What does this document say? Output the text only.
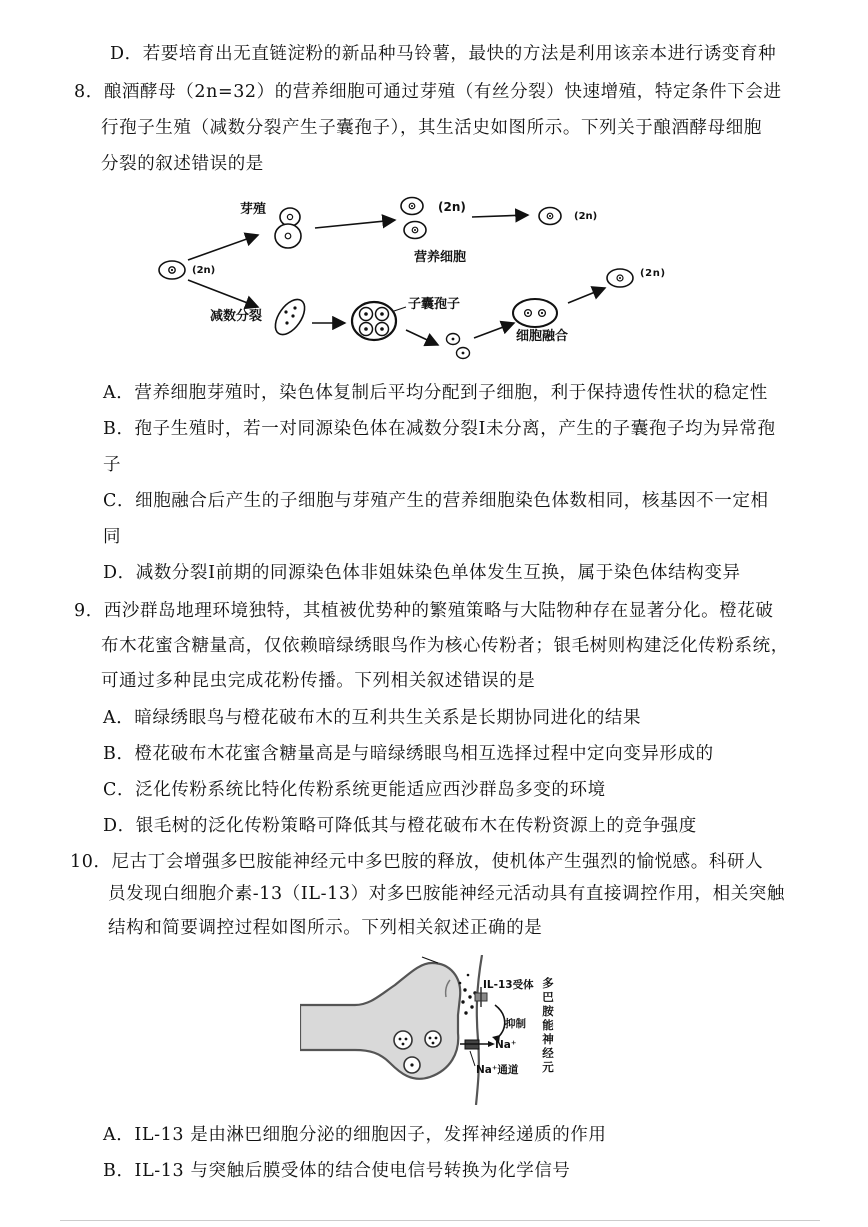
D．若要培育出无直链淀粉的新品种马铃薯，最快的方法是利用该亲本进行诱变育种
8．酿酒酵母（2n=32）的营养细胞可通过芽殖（有丝分裂）快速增殖，特定条件下会进
行孢子生殖（减数分裂产生子囊孢子），其生活史如图所示。下列关于酿酒酵母细胞
分裂的叙述错误的是
(2n)
芽殖	(2n)
营养细胞
(2n)
减数分裂
子囊孢子
细胞融合
(2n)
A．营养细胞芽殖时，染色体复制后平均分配到子细胞，利于保持遗传性状的稳定性
B．孢子生殖时，若一对同源染色体在减数分裂I未分离，产生的子囊孢子均为异常孢
子
C．细胞融合后产生的子细胞与芽殖产生的营养细胞染色体数相同，核基因不一定相
同
D．减数分裂I前期的同源染色体非姐妹染色单体发生互换，属于染色体结构变异
9．西沙群岛地理环境独特，其植被优势种的繁殖策略与大陆物种存在显著分化。橙花破
布木花蜜含糖量高，仅依赖暗绿绣眼鸟作为核心传粉者；银毛树则构建泛化传粉系统，
可通过多种昆虫完成花粉传播。下列相关叙述错误的是
A．暗绿绣眼鸟与橙花破布木的互利共生关系是长期协同进化的结果
B．橙花破布木花蜜含糖量高是与暗绿绣眼鸟相互选择过程中定向变异形成的
C．泛化传粉系统比特化传粉系统更能适应西沙群岛多变的环境
D．银毛树的泛化传粉策略可降低其与橙花破布木在传粉资源上的竞争强度
10．尼古丁会增强多巴胺能神经元中多巴胺的释放，使机体产生强烈的愉悦感。科研人
员发现白细胞介素-13（IL-13）对多巴胺能神经元活动具有直接调控作用，相关突触
结构和简要调控过程如图所示。下列相关叙述正确的是
IL-13受体
抑制
Na⁺
Na⁺通道
多
巴
胺
能
神
经
元
A．IL-13 是由淋巴细胞分泌的细胞因子，发挥神经递质的作用
B．IL-13 与突触后膜受体的结合使电信号转换为化学信号
